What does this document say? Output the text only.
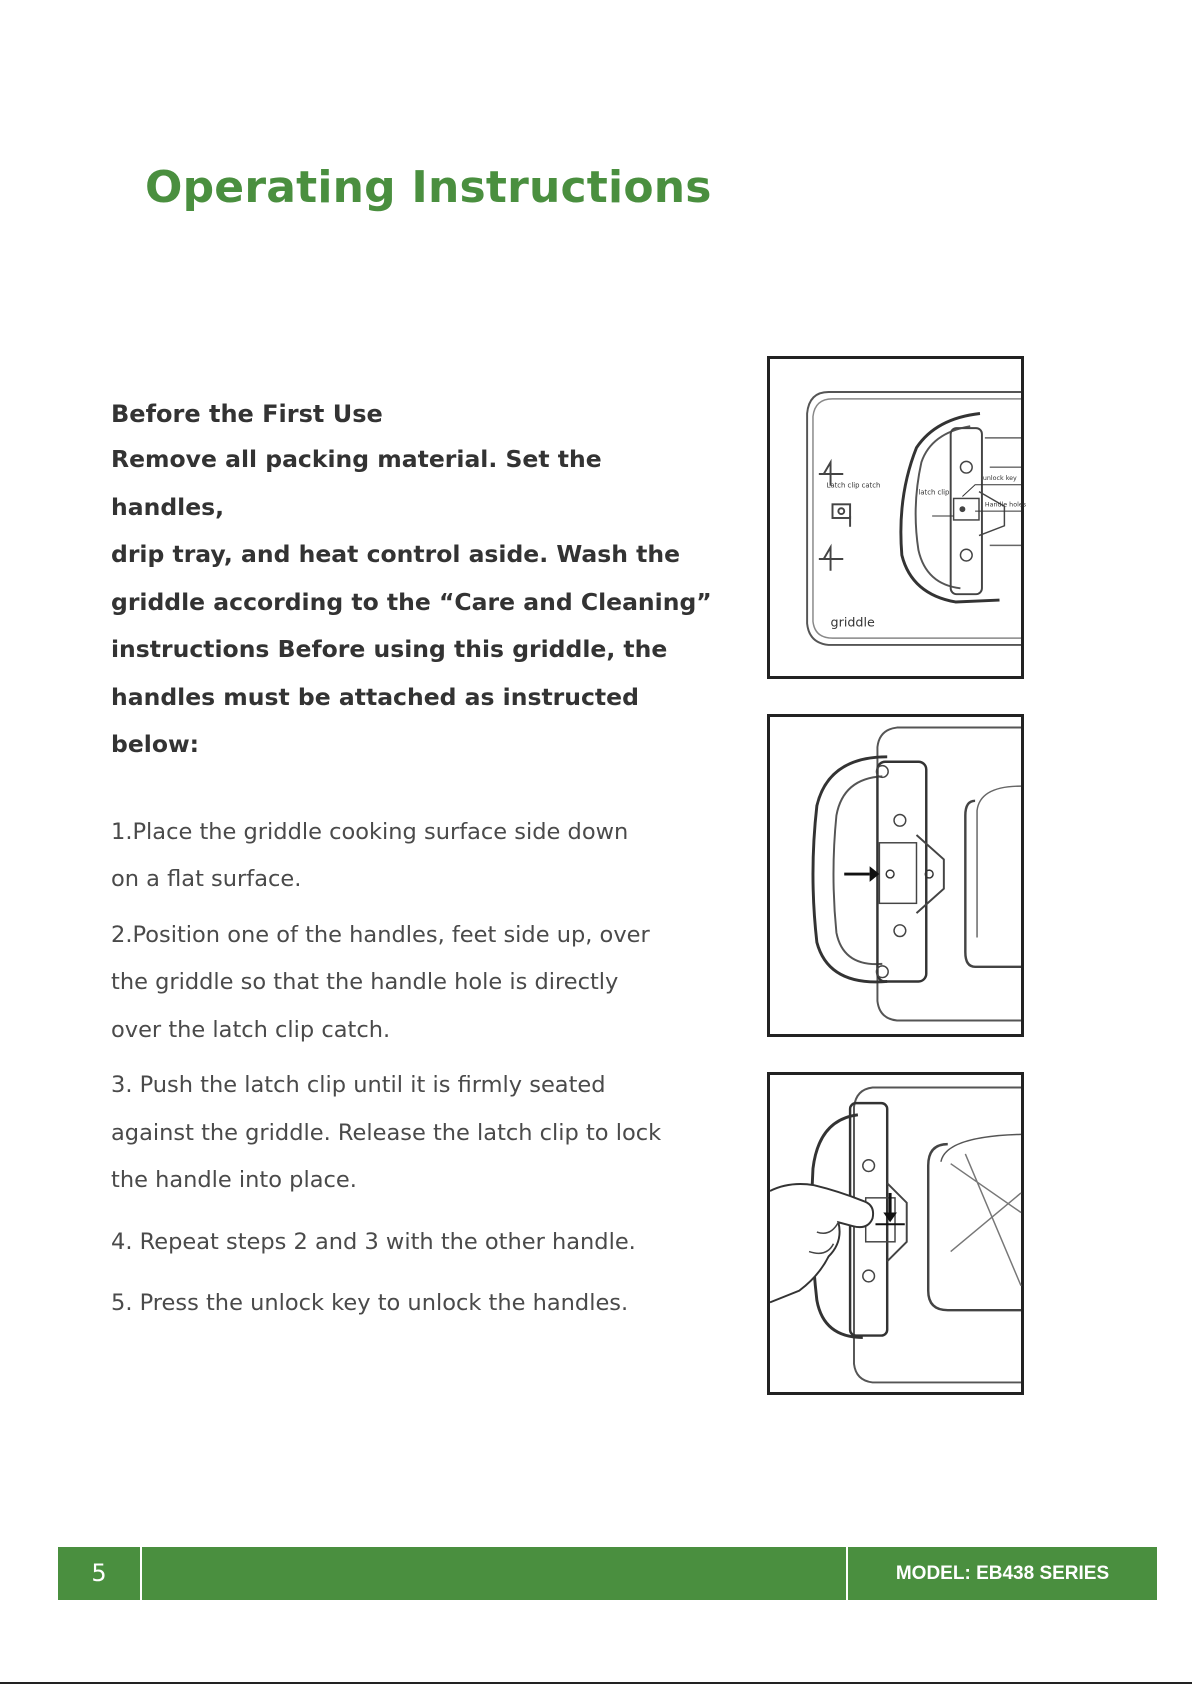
Operating Instructions
Before the First Use

Remove all packing material. Set the handles,
drip tray, and heat control aside. Wash the
griddle according to the “Care and Cleaning”
instructions Before using this griddle, the
handles must be attached as instructed below:

1.Place the griddle cooking surface side down
on a flat surface.
2.Position one of the handles, feet side up, over
the griddle so that the handle hole is directly
over the latch clip catch.
3. Push the latch clip until it is firmly seated
against the griddle. Release the latch clip to lock
the handle into place.
4. Repeat steps 2 and 3 with the other handle.
5. Press the unlock key to unlock the handles.
Latch clip catch
latch clip
unlock key
Handle holes
griddle
5	MODEL: EB438 SERIES
